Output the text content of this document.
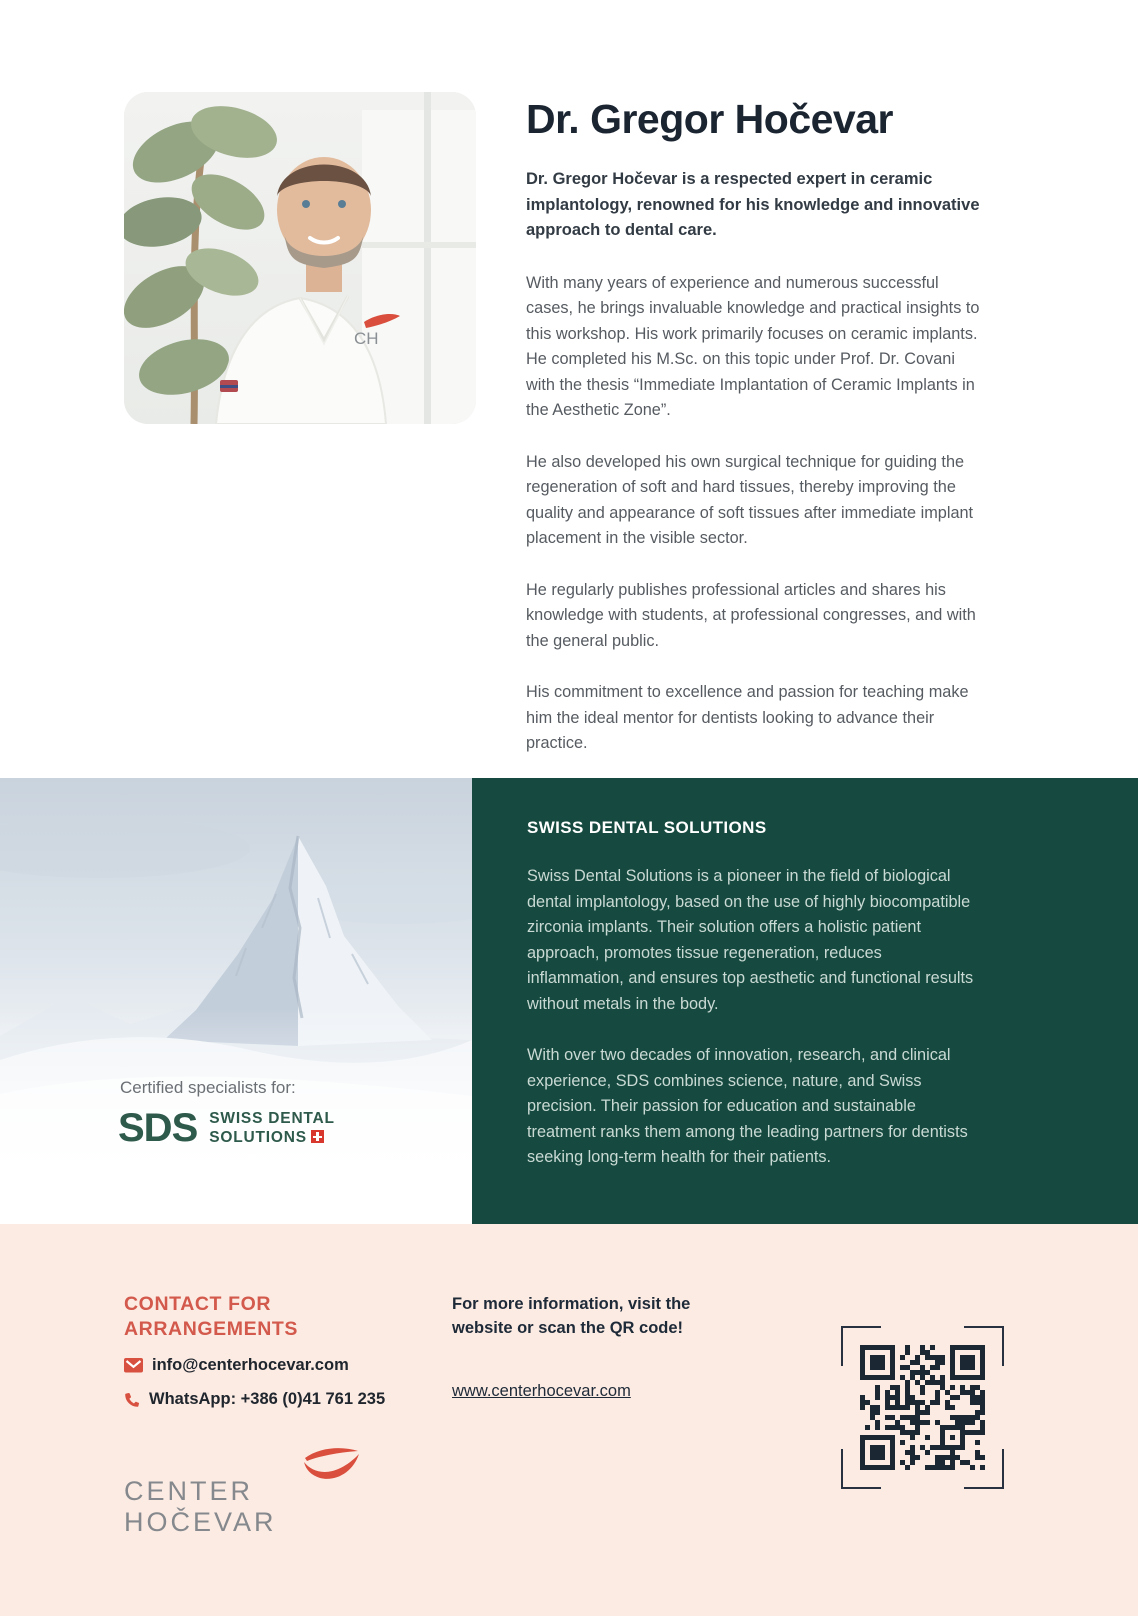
CH
Dr. Gregor Hočevar

Dr. Gregor Hočevar is a respected expert in ceramic implantology, renowned for his knowledge and innovative approach to dental care.

With many years of experience and numerous successful cases, he brings invaluable knowledge and practical insights to this workshop. His work primarily focuses on ceramic implants. He completed his M.Sc. on this topic under Prof. Dr. Covani with the thesis “Immediate Implantation of Ceramic Implants in the Aesthetic Zone”.

He also developed his own surgical technique for guiding the regeneration of soft and hard tissues, thereby improving the quality and appearance of soft tissues after immediate implant placement in the visible sector.

He regularly publishes professional articles and shares his knowledge with students, at professional congresses, and with the general public.

His commitment to excellence and passion for teaching make him the ideal mentor for dentists looking to advance their practice.

Certified specialists for:
SDS SWISS DENTAL
SOLUTIONS
SWISS DENTAL SOLUTIONS

Swiss Dental Solutions is a pioneer in the field of biological dental implantology, based on the use of highly biocompatible zirconia implants. Their solution offers a holistic patient approach, promotes tissue regeneration, reduces inflammation, and ensures top aesthetic and functional results without metals in the body.

With over two decades of innovation, research, and clinical experience, SDS combines science, nature, and Swiss precision. Their passion for education and sustainable treatment ranks them among the leading partners for dentists seeking long-term health for their patients.

CONTACT FOR ARRANGEMENTS
info@centerhocevar.com
WhatsApp: +386 (0)41 761 235
CENTER HOČEVAR

For more information, visit the website or scan the QR code!

www.centerhocevar.com
